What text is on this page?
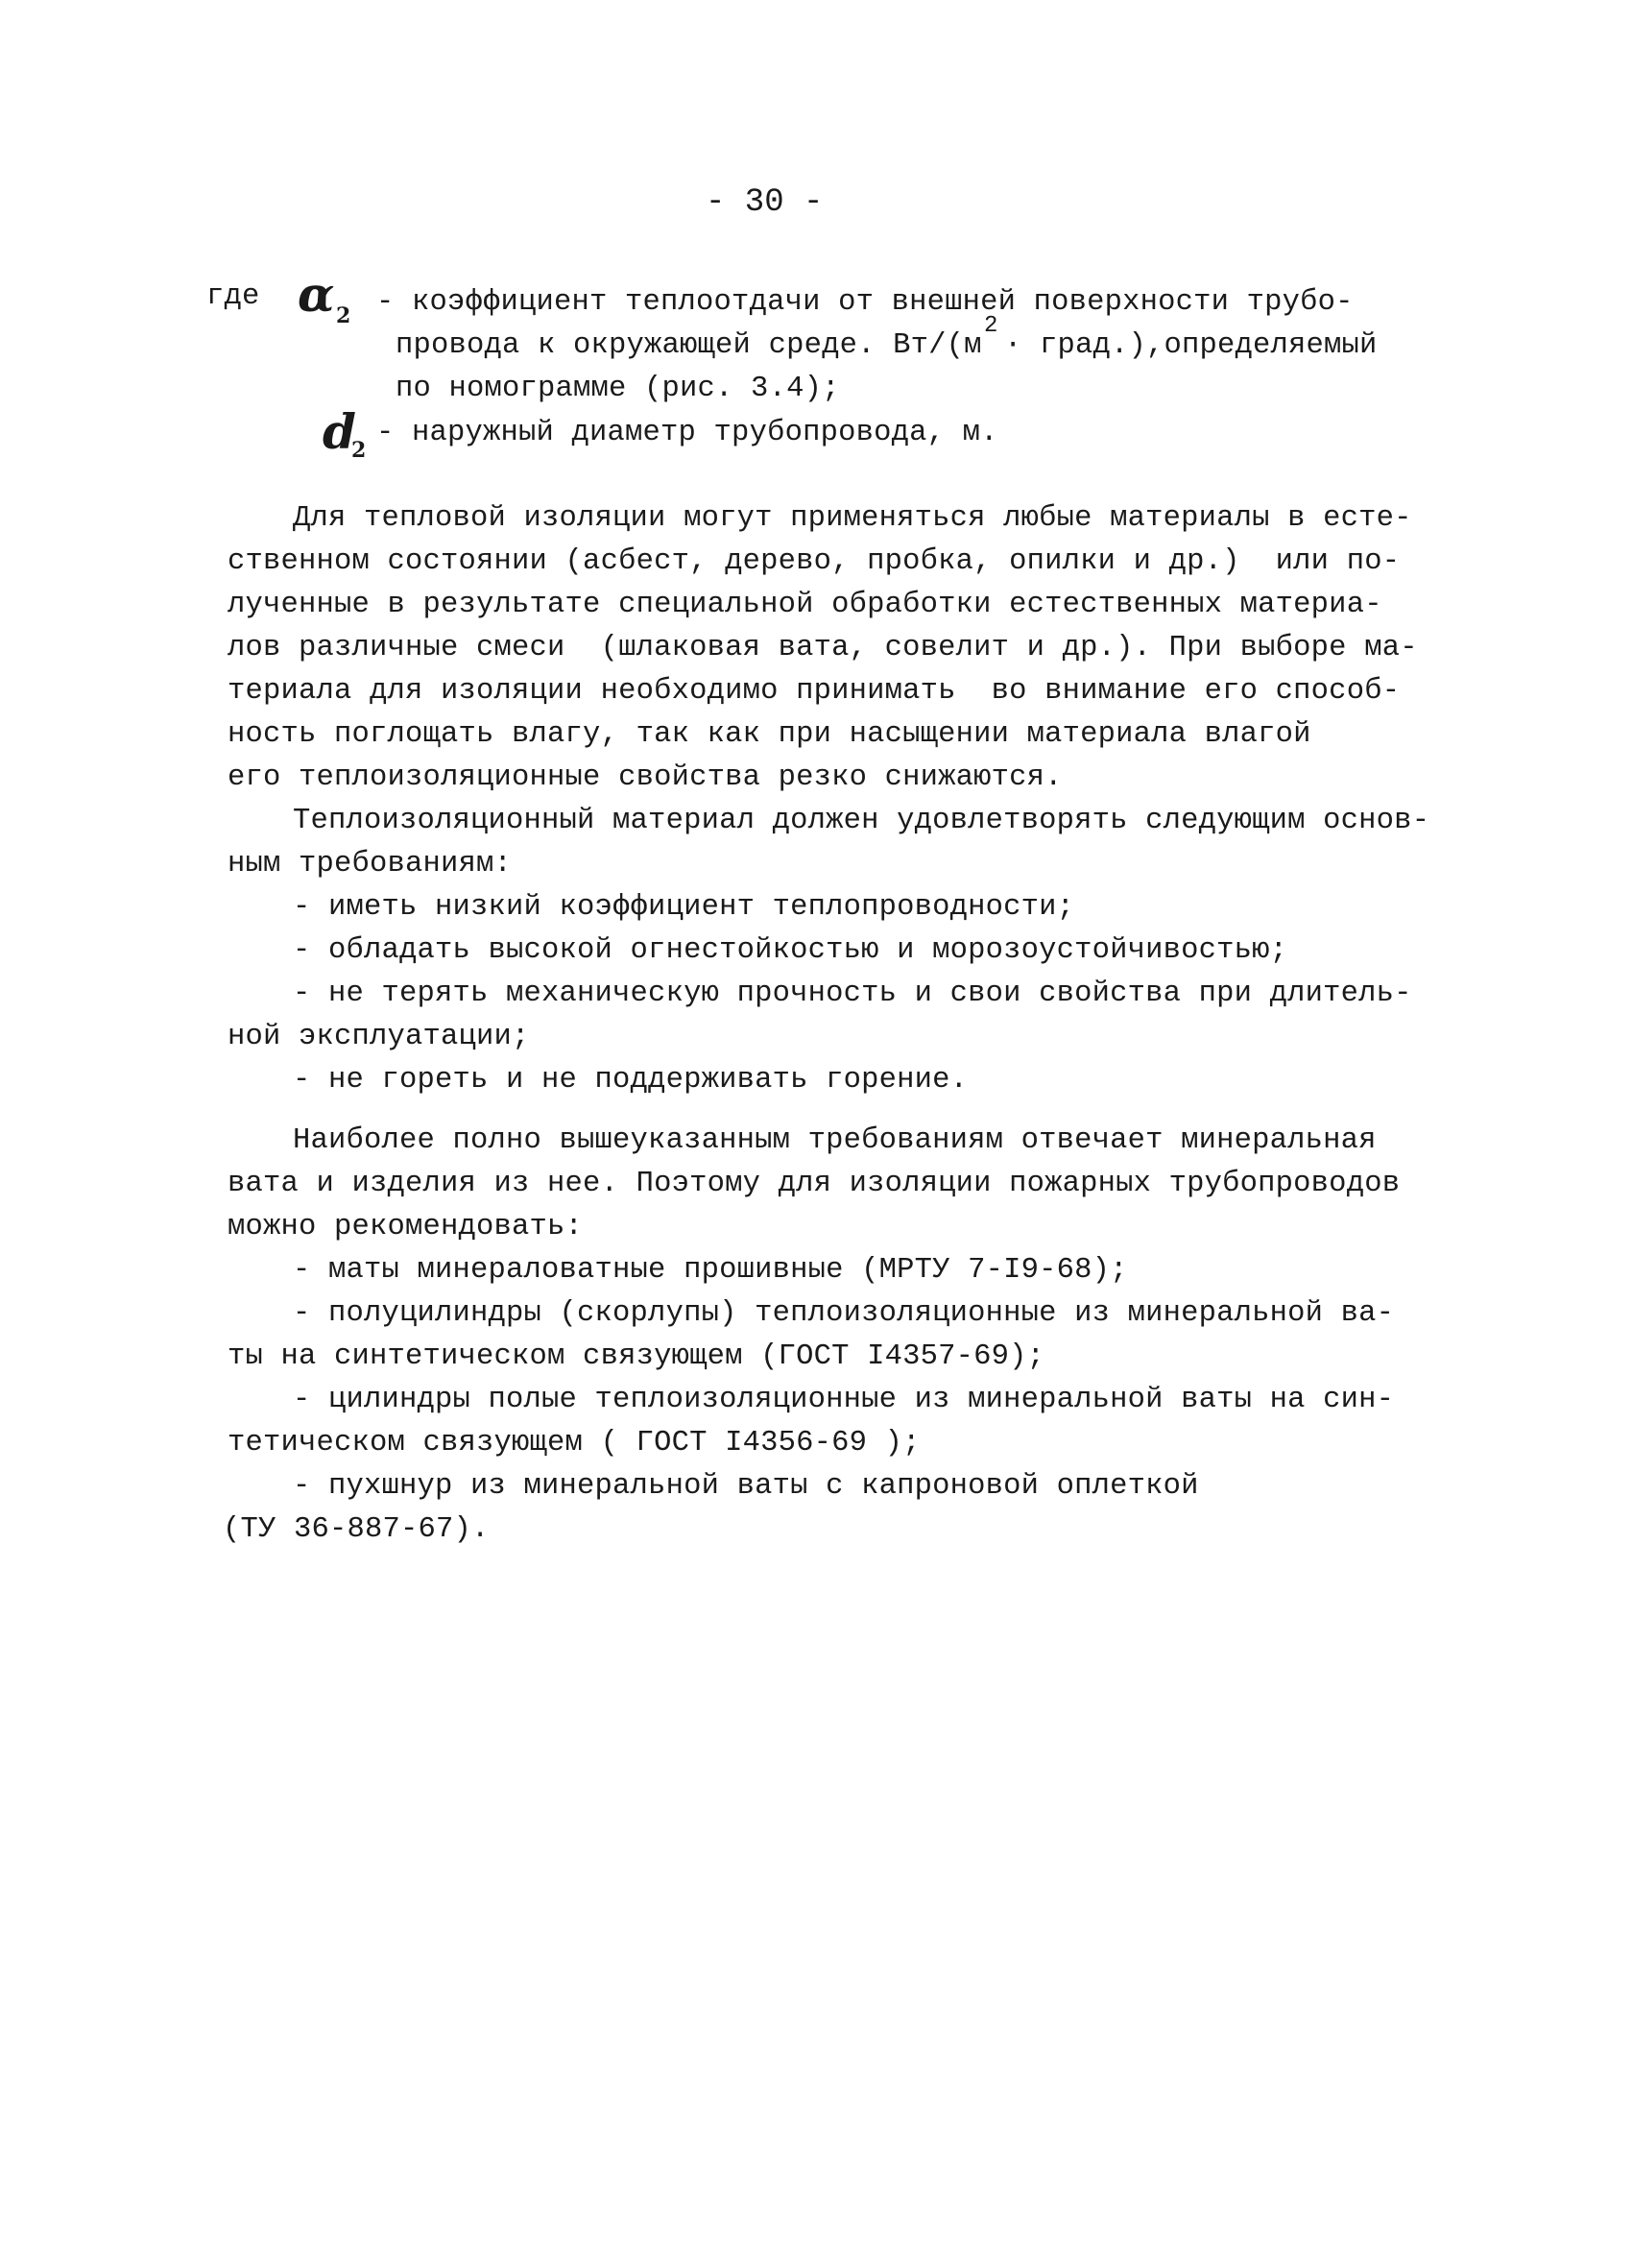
- 30 -
где α 2 - коэффициент теплоотдачи от внешней поверхности трубо-
провода к окружающей среде. Вт/(м
2
· град.),определяемый
по номограмме (рис. 3.4);
d
2
- наружный диаметр трубопровода, м.
Для тепловой изоляции могут применяться любые материалы в есте-
ственном состоянии (асбест, дерево, пробка, опилки и др.)  или по-
лученные в результате специальной обработки естественных материа-
лов различные смеси  (шлаковая вата, совелит и др.). При выборе ма-
териала для изоляции необходимо принимать  во внимание его способ-
ность поглощать влагу, так как при насыщении материала влагой
его теплоизоляционные свойства резко снижаются.
Теплоизоляционный материал должен удовлетворять следующим основ-
ным требованиям:
- иметь низкий коэффициент теплопроводности;
- обладать высокой огнестойкостью и морозоустойчивостью;
- не терять механическую прочность и свои свойства при длитель-
ной эксплуатации;
- не гореть и не поддерживать горение.
Наиболее полно вышеуказанным требованиям отвечает минеральная
вата и изделия из нее. Поэтому для изоляции пожарных трубопроводов
можно рекомендовать:
- маты минераловатные прошивные (МРТУ 7-I9-68);
- полуцилиндры (скорлупы) теплоизоляционные из минеральной ва-
ты на синтетическом связующем (ГОСТ I4357-69);
- цилиндры полые теплоизоляционные из минеральной ваты на син-
тетическом связующем ( ГОСТ I4356-69 );
- пухшнур из минеральной ваты с капроновой оплеткой
(ТУ 36-887-67).
